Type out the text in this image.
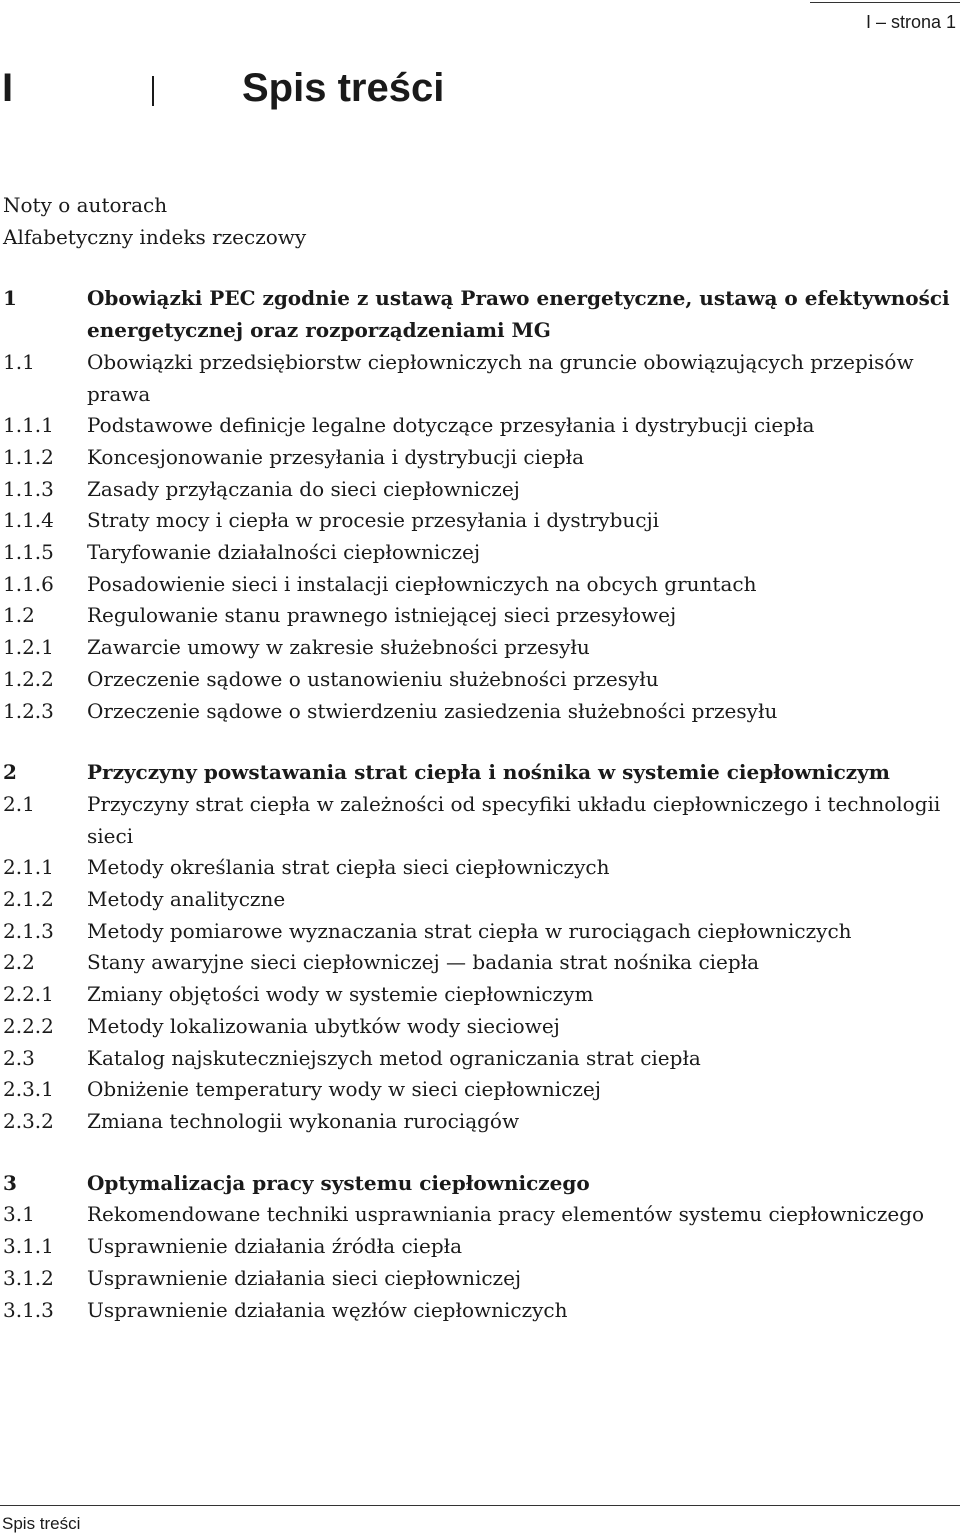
I – strona 1
I	Spis treści
Noty o autorach
Alfabetyczny indeks rzeczowy
1	Obowiązki PEC zgodnie z ustawą Prawo energetyczne, ustawą o efektywności energetycznej oraz rozporządzeniami MG
1.1	Obowiązki przedsiębiorstw ciepłowniczych na gruncie obowiązujących przepisów prawa
1.1.1	Podstawowe definicje legalne dotyczące przesyłania i dystrybucji ciepła
1.1.2	Koncesjonowanie przesyłania i dystrybucji ciepła
1.1.3	Zasady przyłączania do sieci ciepłowniczej
1.1.4	Straty mocy i ciepła w procesie przesyłania i dystrybucji
1.1.5	Taryfowanie działalności ciepłowniczej
1.1.6	Posadowienie sieci i instalacji ciepłowniczych na obcych gruntach
1.2	Regulowanie stanu prawnego istniejącej sieci przesyłowej
1.2.1	Zawarcie umowy w zakresie służebności przesyłu
1.2.2	Orzeczenie sądowe o ustanowieniu służebności przesyłu
1.2.3	Orzeczenie sądowe o stwierdzeniu zasiedzenia służebności przesyłu
2	Przyczyny powstawania strat ciepła i nośnika w systemie ciepłowniczym
2.1	Przyczyny strat ciepła w zależności od specyfiki układu ciepłowniczego i technologii sieci
2.1.1	Metody określania strat ciepła sieci ciepłowniczych
2.1.2	Metody analityczne
2.1.3	Metody pomiarowe wyznaczania strat ciepła w rurociągach ciepłowniczych
2.2	Stany awaryjne sieci ciepłowniczej — badania strat nośnika ciepła
2.2.1	Zmiany objętości wody w systemie ciepłowniczym
2.2.2	Metody lokalizowania ubytków wody sieciowej
2.3	Katalog najskuteczniejszych metod ograniczania strat ciepła
2.3.1	Obniżenie temperatury wody w sieci ciepłowniczej
2.3.2	Zmiana technologii wykonania rurociągów
3	Optymalizacja pracy systemu ciepłowniczego
3.1	Rekomendowane techniki usprawniania pracy elementów systemu ciepłowniczego
3.1.1	Usprawnienie działania źródła ciepła
3.1.2	Usprawnienie działania sieci ciepłowniczej
3.1.3	Usprawnienie działania węzłów ciepłowniczych
Spis treści
